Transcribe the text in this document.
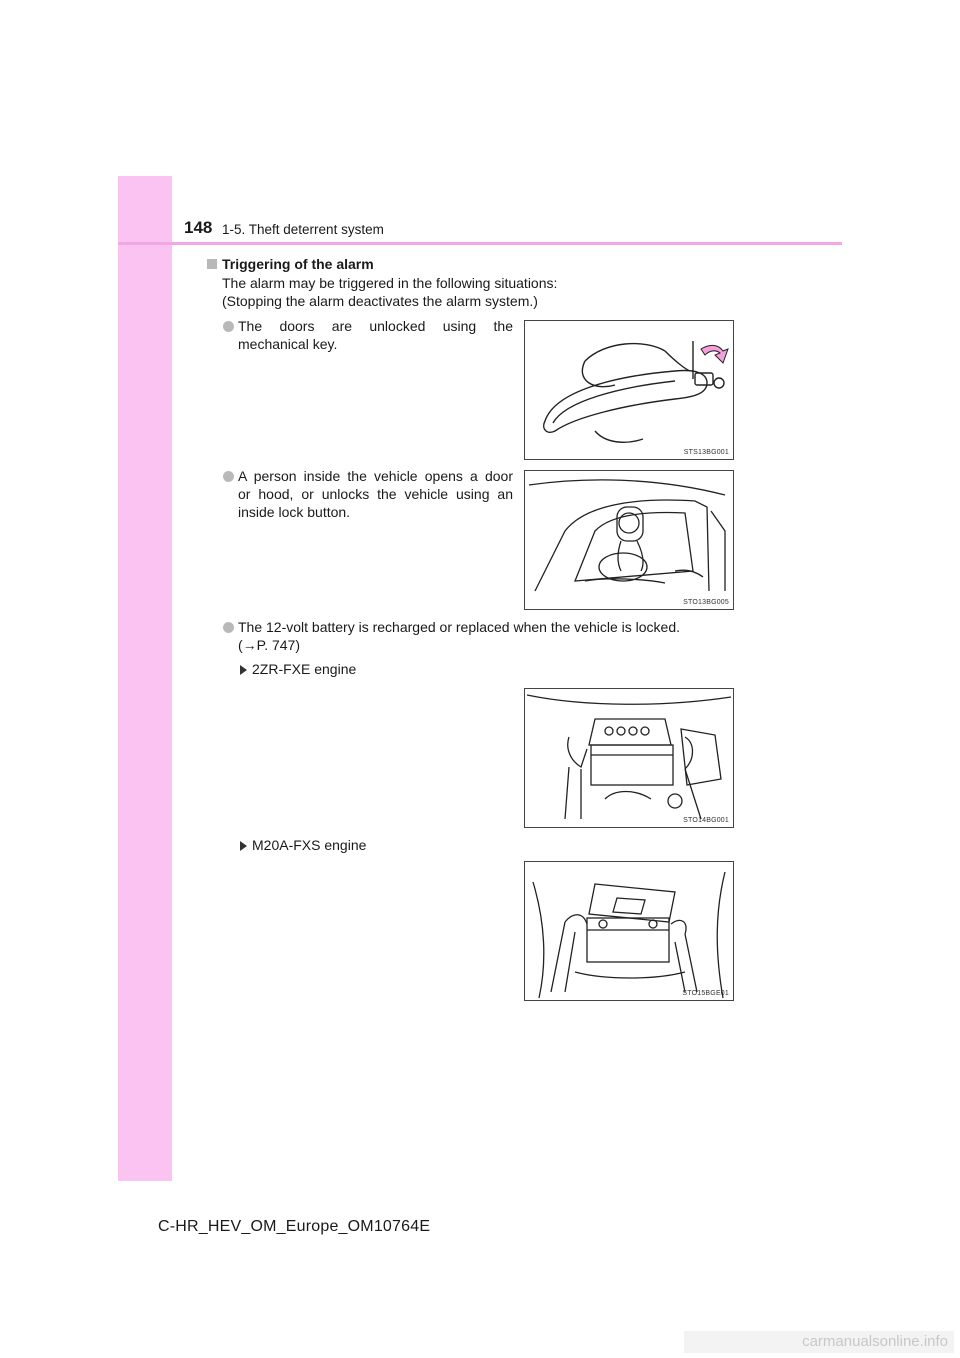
148 1-5. Theft deterrent system
Triggering of the alarm
The alarm may be triggered in the following situations:
(Stopping the alarm deactivates the alarm system.)
The doors are unlocked using the
mechanical key.
A person inside the vehicle opens a door
or hood, or unlocks the vehicle using an
inside lock button.
The 12-volt battery is recharged or replaced when the vehicle is locked.
(→P. 747)
2ZR-FXE engine
M20A-FXS engine
STS13BG001
STO13BG005
STO14BG001
STO15BGE01
C-HR_HEV_OM_Europe_OM10764E
carmanualsonline.info
